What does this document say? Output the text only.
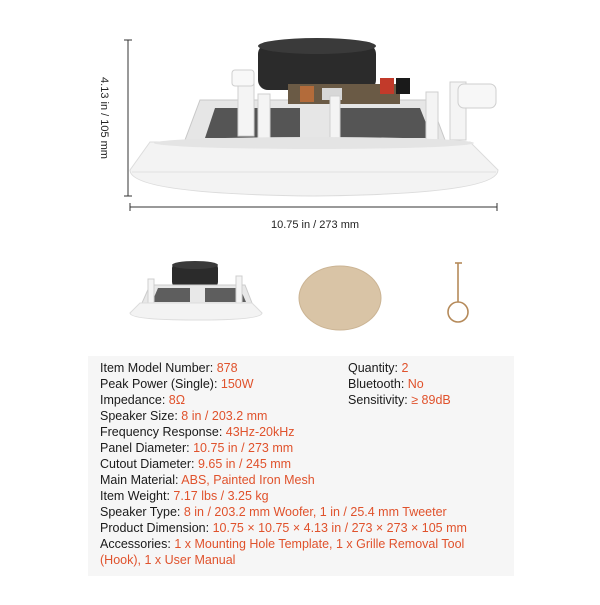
4.13 in / 105 mm
10.75 in / 273 mm
Item Model Number: 878
Peak Power (Single): 150W
Impedance: 8Ω
Speaker Size: 8 in / 203.2 mm
Frequency Response: 43Hz-20kHz
Panel Diameter: 10.75 in / 273 mm
Cutout Diameter: 9.65 in / 245 mm
Main Material: ABS, Painted Iron Mesh
Item Weight: 7.17 lbs / 3.25 kg
Speaker Type: 8 in / 203.2 mm Woofer, 1 in / 25.4 mm Tweeter
Product Dimension: 10.75 × 10.75 × 4.13 in / 273 × 273 × 105 mm
Accessories: 1 x Mounting Hole Template, 1 x Grille Removal Tool
(Hook), 1 x User Manual
Quantity: 2
Bluetooth: No
Sensitivity: ≥ 89dB
